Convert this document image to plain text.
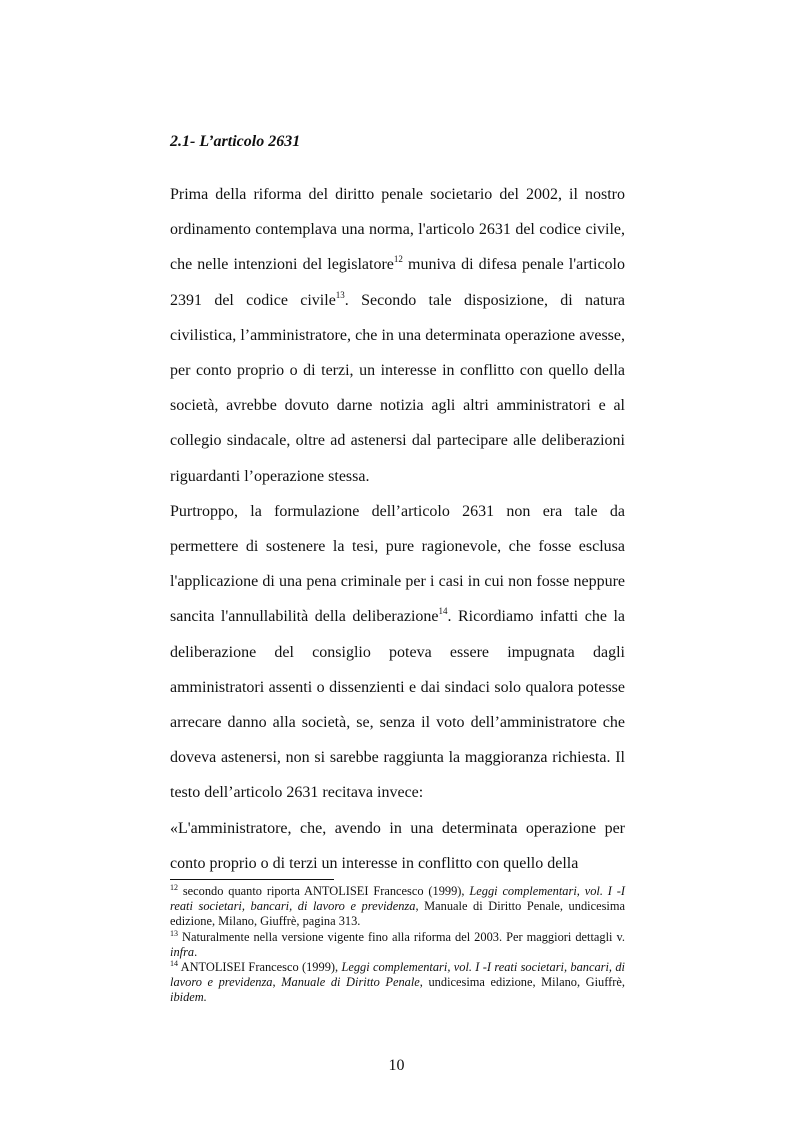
2.1- L’articolo 2631

Prima della riforma del diritto penale societario del 2002, il nostro ordinamento contemplava una norma, l'articolo 2631 del codice civile, che nelle intenzioni del legislatore$^{12}$ muniva di difesa penale l'articolo 2391 del codice civile$^{13}$. Secondo tale disposizione, di natura civilistica, l’amministratore, che in una determinata operazione avesse, per conto proprio o di terzi, un interesse in conflitto con quello della società, avrebbe dovuto darne notizia agli altri amministratori e al collegio sindacale, oltre ad astenersi dal partecipare alle deliberazioni riguardanti l’operazione stessa.

Purtroppo, la formulazione dell’articolo 2631 non era tale da permettere di sostenere la tesi, pure ragionevole, che fosse esclusa l'applicazione di una pena criminale per i casi in cui non fosse neppure sancita l'annullabilità della deliberazione$^{14}$. Ricordiamo infatti che la deliberazione del consiglio poteva essere impugnata dagli amministratori assenti o dissenzienti e dai sindaci solo qualora potesse arrecare danno alla società, se, senza il voto dell’amministratore che doveva astenersi, non si sarebbe raggiunta la maggioranza richiesta. Il testo dell’articolo 2631 recitava invece:

«L'amministratore, che, avendo in una determinata operazione per conto proprio o di terzi un interesse in conflitto con quello della

$^{12}$ secondo quanto riporta ANTOLISEI Francesco (1999), Leggi complementari, vol. I -I reati societari, bancari, di lavoro e previdenza, Manuale di Diritto Penale, undicesima edizione, Milano, Giuffrè, pagina 313.

$^{13}$ Naturalmente nella versione vigente fino alla riforma del 2003. Per maggiori dettagli v. infra.

$^{14}$ ANTOLISEI Francesco (1999), Leggi complementari, vol. I -I reati societari, bancari, di lavoro e previdenza, Manuale di Diritto Penale, undicesima edizione, Milano, Giuffrè, ibidem.

10
